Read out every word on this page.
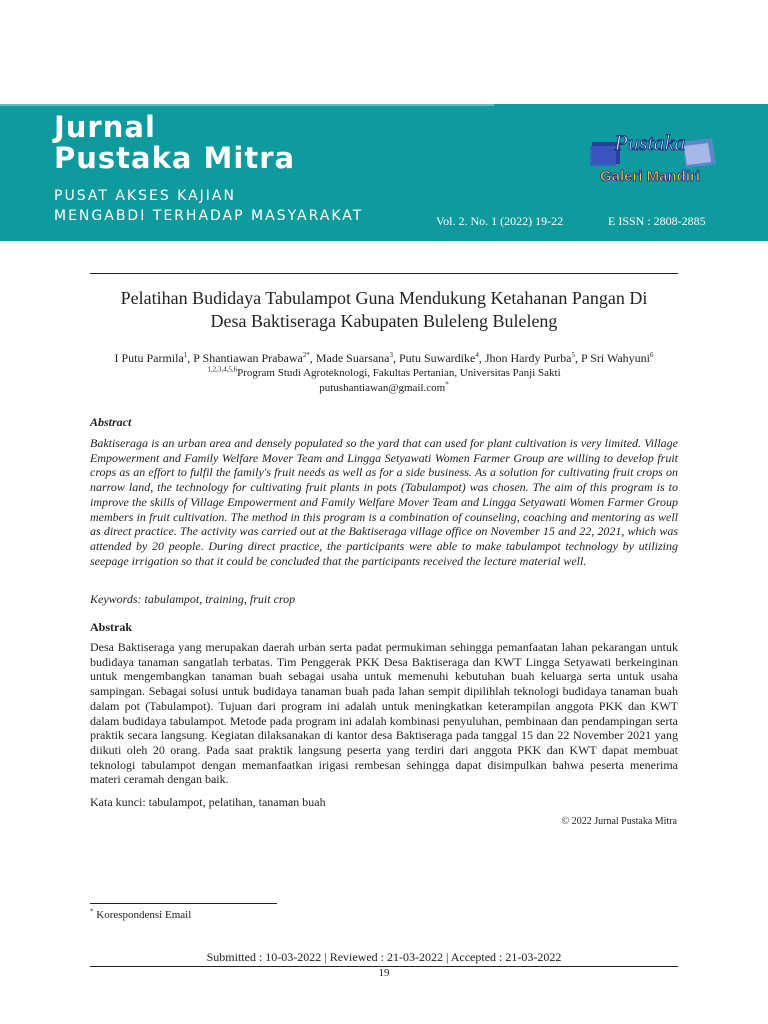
Jurnal
Pustaka Mitra
PUSAT AKSES KAJIAN
MENGABDI TERHADAP MASYARAKAT	Vol. 2. No. 1 (2022) 19-22	E ISSN : 2808-2885
Pustaka
Galeri Mandiri
Pelatihan Budidaya Tabulampot Guna Mendukung Ketahanan Pangan Di
Desa Baktiseraga Kabupaten Buleleng Buleleng
I Putu Parmila$^1$, P Shantiawan Prabawa$^{2*}$, Made Suarsana$^3$, Putu Suwardike$^4$, Jhon Hardy Purba$^5$, P Sri Wahyuni$^6$
$^{1,2,3,4,5,6}$Program Studi Agroteknologi, Fakultas Pertanian, Universitas Panji Sakti
putushantiawan@gmail.com*
Abstract

Baktiseraga is an urban area and densely populated so the yard that can used for plant cultivation is very limited. Village Empowerment and Family Welfare Mover Team and Lingga Setyawati Women Farmer Group are willing to develop fruit crops as an effort to fulfil the family's fruit needs as well as for a side business. As a solution for cultivating fruit crops on narrow land, the technology for cultivating fruit plants in pots (Tabulampot) was chosen. The aim of this program is to improve the skills of Village Empowerment and Family Welfare Mover Team and Lingga Setyawati Women Farmer Group members in fruit cultivation. The method in this program is a combination of counseling, coaching and mentoring as well as direct practice. The activity was carried out at the Baktiseraga village office on November 15 and 22, 2021, which was attended by 20 people. During direct practice, the participants were able to make tabulampot technology by utilizing seepage irrigation so that it could be concluded that the participants received the lecture material well.

Keywords: tabulampot, training, fruit crop
Abstrak

Desa Baktiseraga yang merupakan daerah urban serta padat permukiman sehingga pemanfaatan lahan pekarangan untuk budidaya tanaman sangatlah terbatas. Tim Penggerak PKK Desa Baktiseraga dan KWT Lingga Setyawati berkeinginan untuk mengembangkan tanaman buah sebagai usaha untuk memenuhi kebutuhan buah keluarga serta untuk usaha sampingan. Sebagai solusi untuk budidaya tanaman buah pada lahan sempit dipilihlah teknologi budidaya tanaman buah dalam pot (Tabulampot). Tujuan dari program ini adalah untuk meningkatkan keterampilan anggota PKK dan KWT dalam budidaya tabulampot. Metode pada program ini adalah kombinasi penyuluhan, pembinaan dan pendampingan serta praktik secara langsung. Kegiatan dilaksanakan di kantor desa Baktiseraga pada tanggal 15 dan 22 November 2021 yang diikuti oleh 20 orang. Pada saat praktik langsung peserta yang terdiri dari anggota PKK dan KWT dapat membuat teknologi tabulampot dengan memanfaatkan irigasi rembesan sehingga dapat disimpulkan bahwa peserta menerima materi ceramah dengan baik.

Kata kunci: tabulampot, pelatihan, tanaman buah
© 2022 Jurnal Pustaka Mitra
* Korespondensi Email
Submitted : 10-03-2022 | Reviewed : 21-03-2022 | Accepted : 21-03-2022
19
